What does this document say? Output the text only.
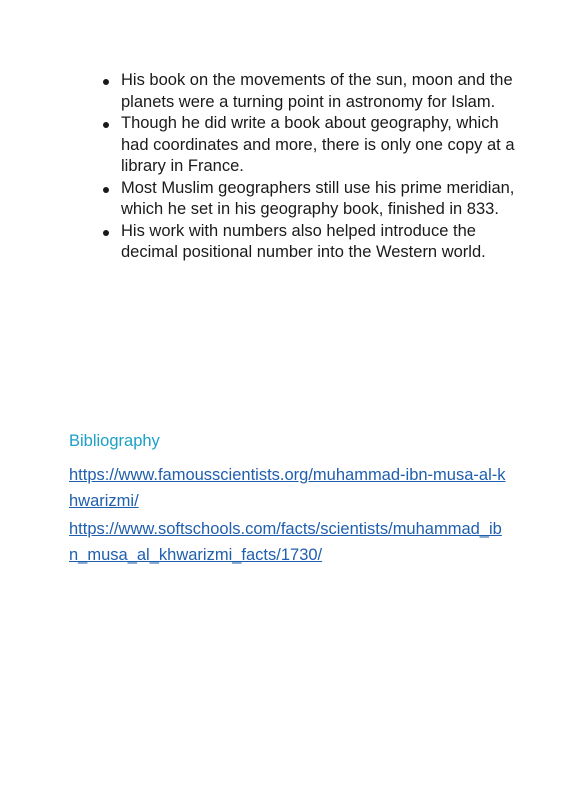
His book on the movements of the sun, moon and the planets were a turning point in astronomy for Islam.
Though he did write a book about geography, which had coordinates and more, there is only one copy at a library in France.
Most Muslim geographers still use his prime meridian, which he set in his geography book, finished in 833.
His work with numbers also helped introduce the decimal positional number into the Western world.
Bibliography
https://www.famousscientists.org/muhammad-ibn-musa-al-khwarizmi/
https://www.softschools.com/facts/scientists/muhammad_ibn_musa_al_khwarizmi_facts/1730/
